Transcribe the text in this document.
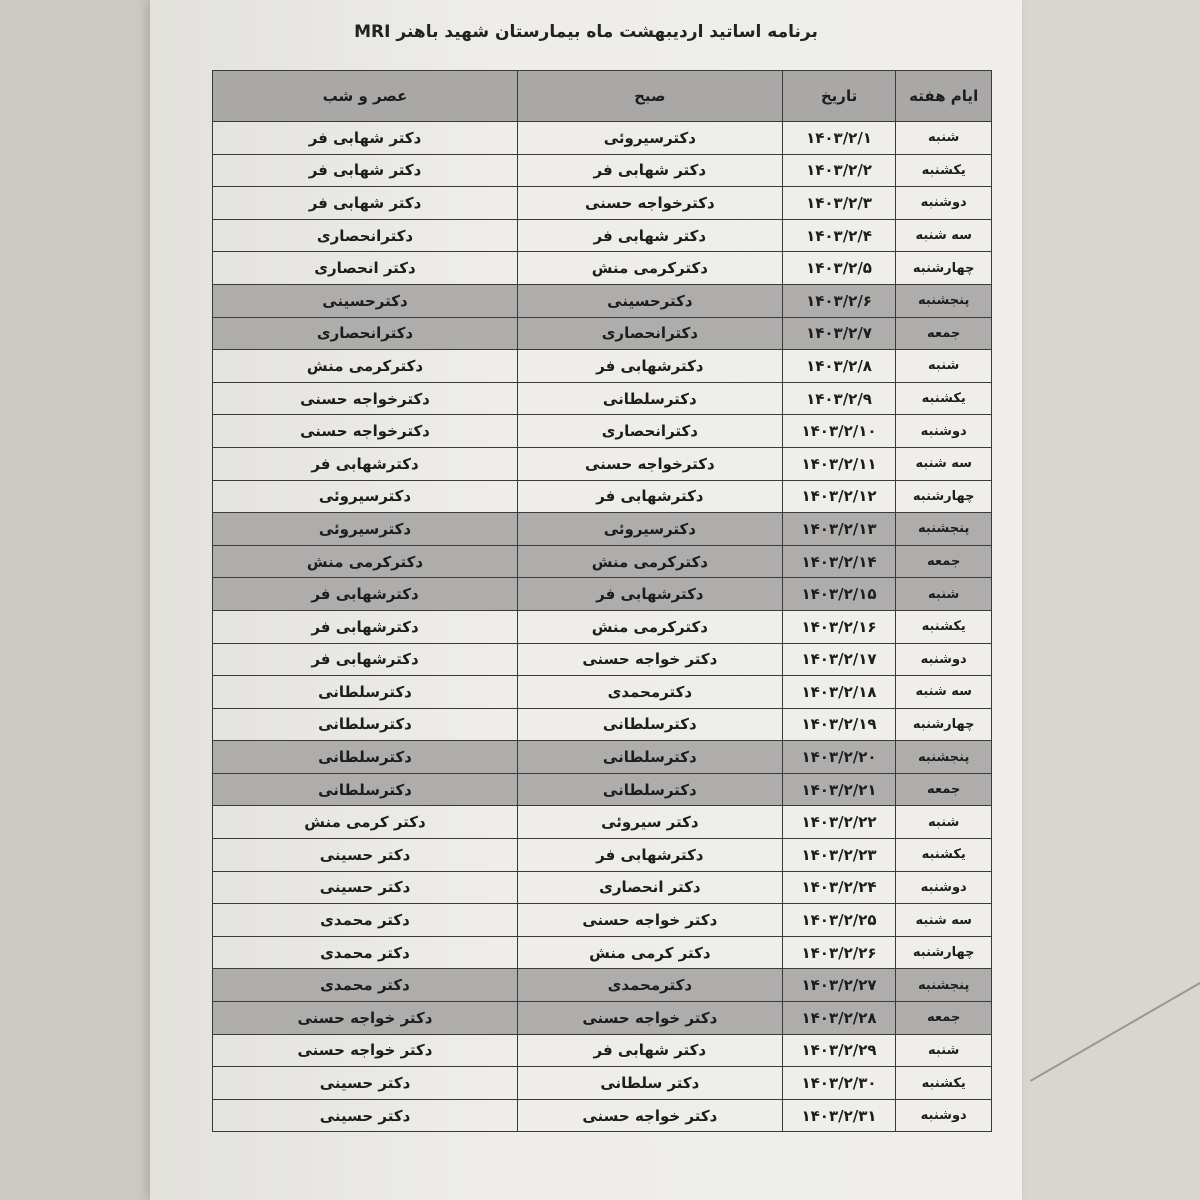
برنامه اساتید اردیبهشت ماه بیمارستان شهید باهنر MRI
ایام هفته	تاریخ	صبح	عصر و شب
شنبه	۱۴۰۳/۲/۱	دکترسیروئی	دکتر شهابی فر
یکشنبه	۱۴۰۳/۲/۲	دکتر شهابی فر	دکتر شهابی فر
دوشنبه	۱۴۰۳/۲/۳	دکترخواجه حسنی	دکتر شهابی فر
سه شنبه	۱۴۰۳/۲/۴	دکتر شهابی فر	دکترانحصاری
چهارشنبه	۱۴۰۳/۲/۵	دکترکرمی منش	دکتر انحصاری
پنجشنبه	۱۴۰۳/۲/۶	دکترحسینی	دکترحسینی
جمعه	۱۴۰۳/۲/۷	دکترانحصاری	دکترانحصاری
شنبه	۱۴۰۳/۲/۸	دکترشهابی فر	دکترکرمی منش
یکشنبه	۱۴۰۳/۲/۹	دکترسلطانی	دکترخواجه حسنی
دوشنبه	۱۴۰۳/۲/۱۰	دکترانحصاری	دکترخواجه حسنی
سه شنبه	۱۴۰۳/۲/۱۱	دکترخواجه حسنی	دکترشهابی فر
چهارشنبه	۱۴۰۳/۲/۱۲	دکترشهابی فر	دکترسیروئی
پنجشنبه	۱۴۰۳/۲/۱۳	دکترسیروئی	دکترسیروئی
جمعه	۱۴۰۳/۲/۱۴	دکترکرمی منش	دکترکرمی منش
شنبه	۱۴۰۳/۲/۱۵	دکترشهابی فر	دکترشهابی فر
یکشنبه	۱۴۰۳/۲/۱۶	دکترکرمی منش	دکترشهابی فر
دوشنبه	۱۴۰۳/۲/۱۷	دکتر خواجه حسنی	دکترشهابی فر
سه شنبه	۱۴۰۳/۲/۱۸	دکترمحمدی	دکترسلطانی
چهارشنبه	۱۴۰۳/۲/۱۹	دکترسلطانی	دکترسلطانی
پنجشنبه	۱۴۰۳/۲/۲۰	دکترسلطانی	دکترسلطانی
جمعه	۱۴۰۳/۲/۲۱	دکترسلطانی	دکترسلطانی
شنبه	۱۴۰۳/۲/۲۲	دکتر سیروئی	دکتر کرمی منش
یکشنبه	۱۴۰۳/۲/۲۳	دکترشهابی فر	دکتر حسینی
دوشنبه	۱۴۰۳/۲/۲۴	دکتر انحصاری	دکتر حسینی
سه شنبه	۱۴۰۳/۲/۲۵	دکتر خواجه حسنی	دکتر محمدی
چهارشنبه	۱۴۰۳/۲/۲۶	دکتر کرمی منش	دکتر محمدی
پنجشنبه	۱۴۰۳/۲/۲۷	دکترمحمدی	دکتر محمدی
جمعه	۱۴۰۳/۲/۲۸	دکتر خواجه حسنی	دکتر خواجه حسنی
شنبه	۱۴۰۳/۲/۲۹	دکتر شهابی فر	دکتر خواجه حسنی
یکشنبه	۱۴۰۳/۲/۳۰	دکتر سلطانی	دکتر حسینی
دوشنبه	۱۴۰۳/۲/۳۱	دکتر خواجه حسنی	دکتر حسینی
